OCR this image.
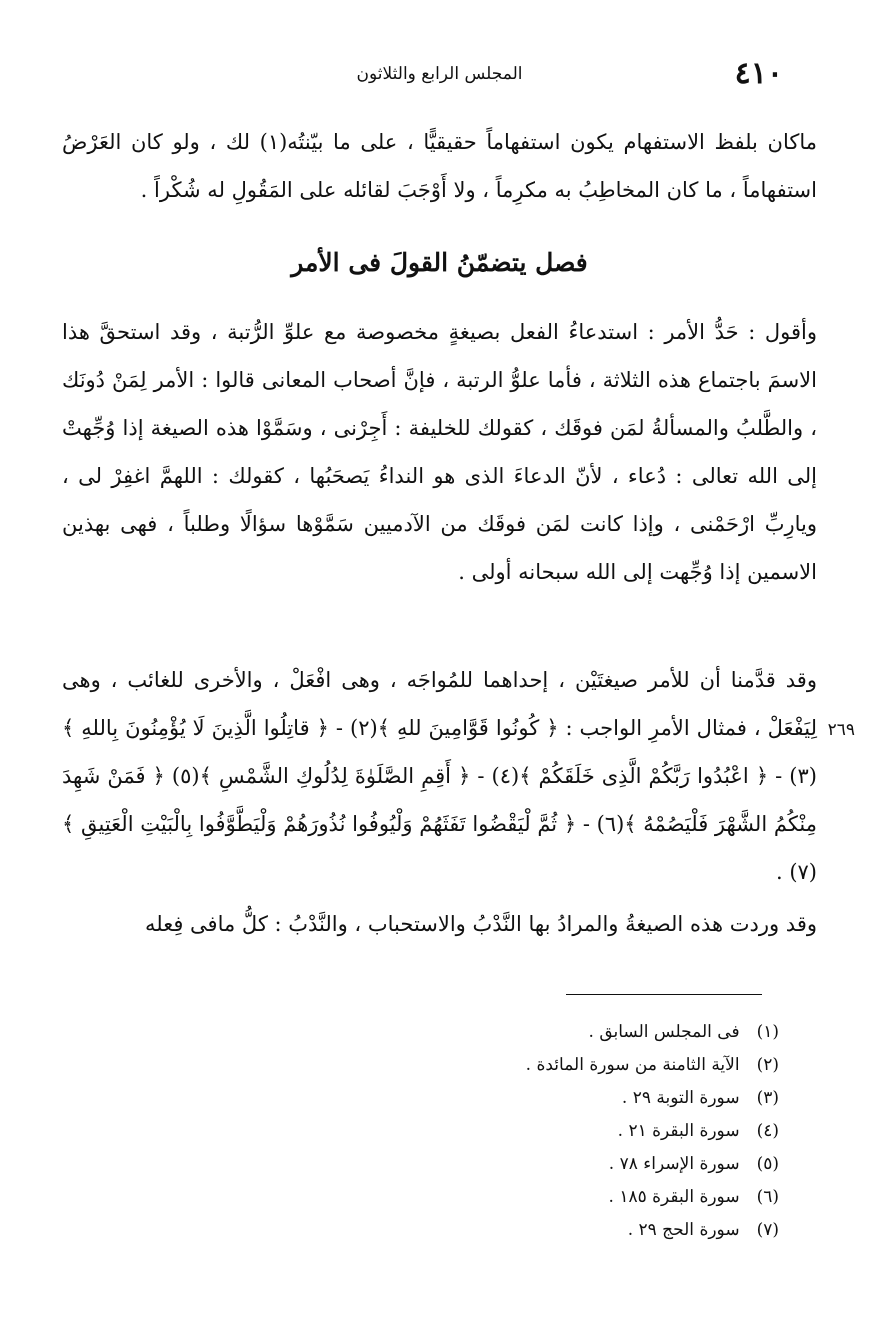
٤١٠
المجلس الرابع والثلاثون

ماكان بلفظ الاستفهام يكون استفهاماً حقيقيًّا ، على ما بيّنتُه(١) لك ، ولو كان العَرْضُ استفهاماً ، ما كان المخاطِبُ به مكرِماً ، ولا أَوْجَبَ لقائله على المَقُولِ له شُكْراً .

فصل يتضمّنُ القولَ فى الأمر

وأقول : حَدُّ الأمر : استدعاءُ الفعل بصيغةٍ مخصوصة مع علوِّ الرُّتبة ، وقد استحقَّ هذا الاسمَ باجتماع هذه الثلاثة ، فأما علوُّ الرتبة ، فإنَّ أصحاب المعانى قالوا : الأمر لِمَنْ دُونَك ، والطَّلبُ والمسألةُ لمَن فوقَك ، كقولك للخليفة : أَجِرْنى ، وسَمَّوْا هذه الصيغة إذا وُجِّهتْ إلى الله تعالى : دُعاء ، لأنّ الدعاءَ الذى هو النداءُ يَصحَبُها ، كقولك : اللهمَّ اغفِرْ لى ، ويارِبِّ ارْحَمْنى ، وإذا كانت لمَن فوقَك من الآدميين سَمَّوْها سؤالًا وطلباً ، فهى بهذين الاسمين إذا وُجِّهت إلى الله سبحانه أولى .

وقد قدَّمنا أن للأمر صيغتَيْن ، إحداهما للمُواجَه ، وهى افْعَلْ ، والأخرى للغائب ، وهى لِيَفْعَلْ ، فمثال الأمرِ الواجب : ﴿ كُونُوا قَوَّامِينَ للهِ ﴾(٢) - ﴿ قاتِلُوا الَّذِينَ لَا يُؤْمِنُونَ بِاللهِ ﴾(٣) - ﴿ اعْبُدُوا رَبَّكُمْ الَّذِى خَلَقَكُمْ ﴾(٤) - ﴿ أَقِمِ الصَّلَوٰةَ لِدُلُوكِ الشَّمْسِ ﴾(٥) ﴿ فَمَنْ شَهِدَ مِنْكُمُ الشَّهْرَ فَلْيَصُمْهُ ﴾(٦) - ﴿ ثُمَّ لْيَقْضُوا تَفَثَهُمْ وَلْيُوفُوا نُذُورَهُمْ وَلْيَطَّوَّفُوا بِالْبَيْتِ الْعَتِيقِ ﴾(٧) .

٢٦٩

وقد وردت هذه الصيغةُ والمرادُ بها النَّدْبُ والاستحباب ، والنَّدْبُ : كلُّ مافى فِعله

(١) فى المجلس السابق .
(٢) الآية الثامنة من سورة المائدة .
(٣) سورة التوبة ٢٩ .
(٤) سورة البقرة ٢١ .
(٥) سورة الإسراء ٧٨ .
(٦) سورة البقرة ١٨٥ .
(٧) سورة الحج ٢٩ .
